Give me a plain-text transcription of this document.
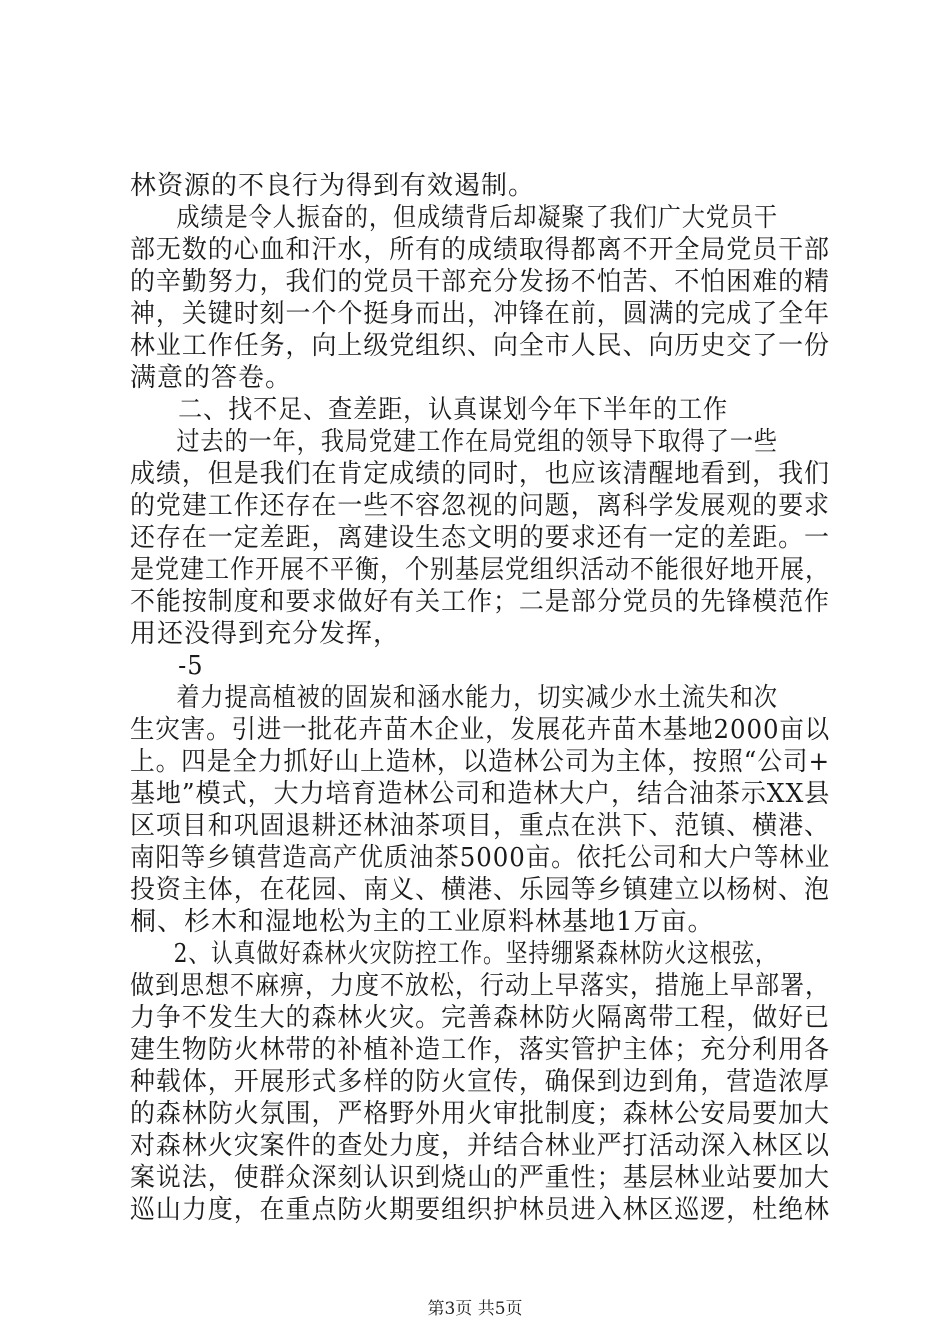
林资源的不良行为得到有效遏制。
成绩是令人振奋的，但成绩背后却凝聚了我们广大党员干
部无数的心血和汗水，所有的成绩取得都离不开全局党员干部
的辛勤努力，我们的党员干部充分发扬不怕苦、不怕困难的精
神，关键时刻一个个挺身而出，冲锋在前，圆满的完成了全年
林业工作任务，向上级党组织、向全市人民、向历史交了一份
满意的答卷。
二、找不足、查差距，认真谋划今年下半年的工作
过去的一年，我局党建工作在局党组的领导下取得了一些
成绩，但是我们在肯定成绩的同时，也应该清醒地看到，我们
的党建工作还存在一些不容忽视的问题，离科学发展观的要求
还存在一定差距，离建设生态文明的要求还有一定的差距。一
是党建工作开展不平衡，个别基层党组织活动不能很好地开展，
不能按制度和要求做好有关工作；二是部分党员的先锋模范作
用还没得到充分发挥，
-5
着力提高植被的固炭和涵水能力，切实减少水土流失和次
生灾害。引进一批花卉苗木企业，发展花卉苗木基地2000亩以
上。四是全力抓好山上造林，以造林公司为主体，按照“公司+
基地”模式，大力培育造林公司和造林大户，结合油茶示XX县
区项目和巩固退耕还林油茶项目，重点在洪下、范镇、横港、
南阳等乡镇营造高产优质油茶5000亩。依托公司和大户等林业
投资主体，在花园、南义、横港、乐园等乡镇建立以杨树、泡
桐、杉木和湿地松为主的工业原料林基地1万亩。
2、认真做好森林火灾防控工作。坚持绷紧森林防火这根弦，
做到思想不麻痹，力度不放松，行动上早落实，措施上早部署，
力争不发生大的森林火灾。完善森林防火隔离带工程，做好已
建生物防火林带的补植补造工作，落实管护主体；充分利用各
种载体，开展形式多样的防火宣传，确保到边到角，营造浓厚
的森林防火氛围，严格野外用火审批制度；森林公安局要加大
对森林火灾案件的查处力度，并结合林业严打活动深入林区以
案说法，使群众深刻认识到烧山的严重性；基层林业站要加大
巡山力度，在重点防火期要组织护林员进入林区巡逻，杜绝林
第3页 共5页
